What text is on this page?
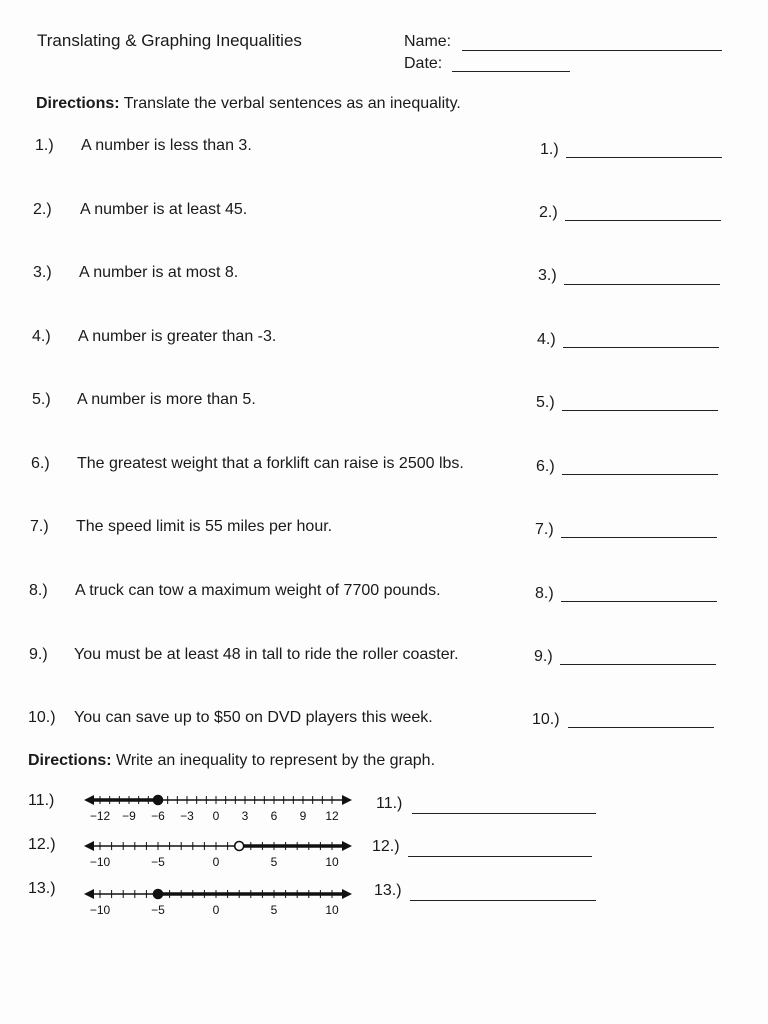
Translating & Graphing Inequalities	Name:
Date:
Directions: Translate the verbal sentences as an inequality.
1.) A number is less than 3.	1.)
2.) A number is at least 45.	2.)
3.) A number is at most 8.	3.)
4.) A number is greater than -3.	4.)
5.) A number is more than 5.	5.)
6.) The greatest weight that a forklift can raise is 2500 lbs.	6.)
7.) The speed limit is 55 miles per hour.	7.)
8.) A truck can tow a maximum weight of 7700 pounds.	8.)
9.) You must be at least 48 in tall to ride the roller coaster.	9.)
10.) You can save up to $50 on DVD players this week.	10.)
Directions: Write an inequality to represent by the graph.
11.)
−12 −9 −6 −3 0 3 6 9 12
11.)
12.)
−10	−5	0	5	10
12.)
13.)
−10	−5	0	5	10
13.)
